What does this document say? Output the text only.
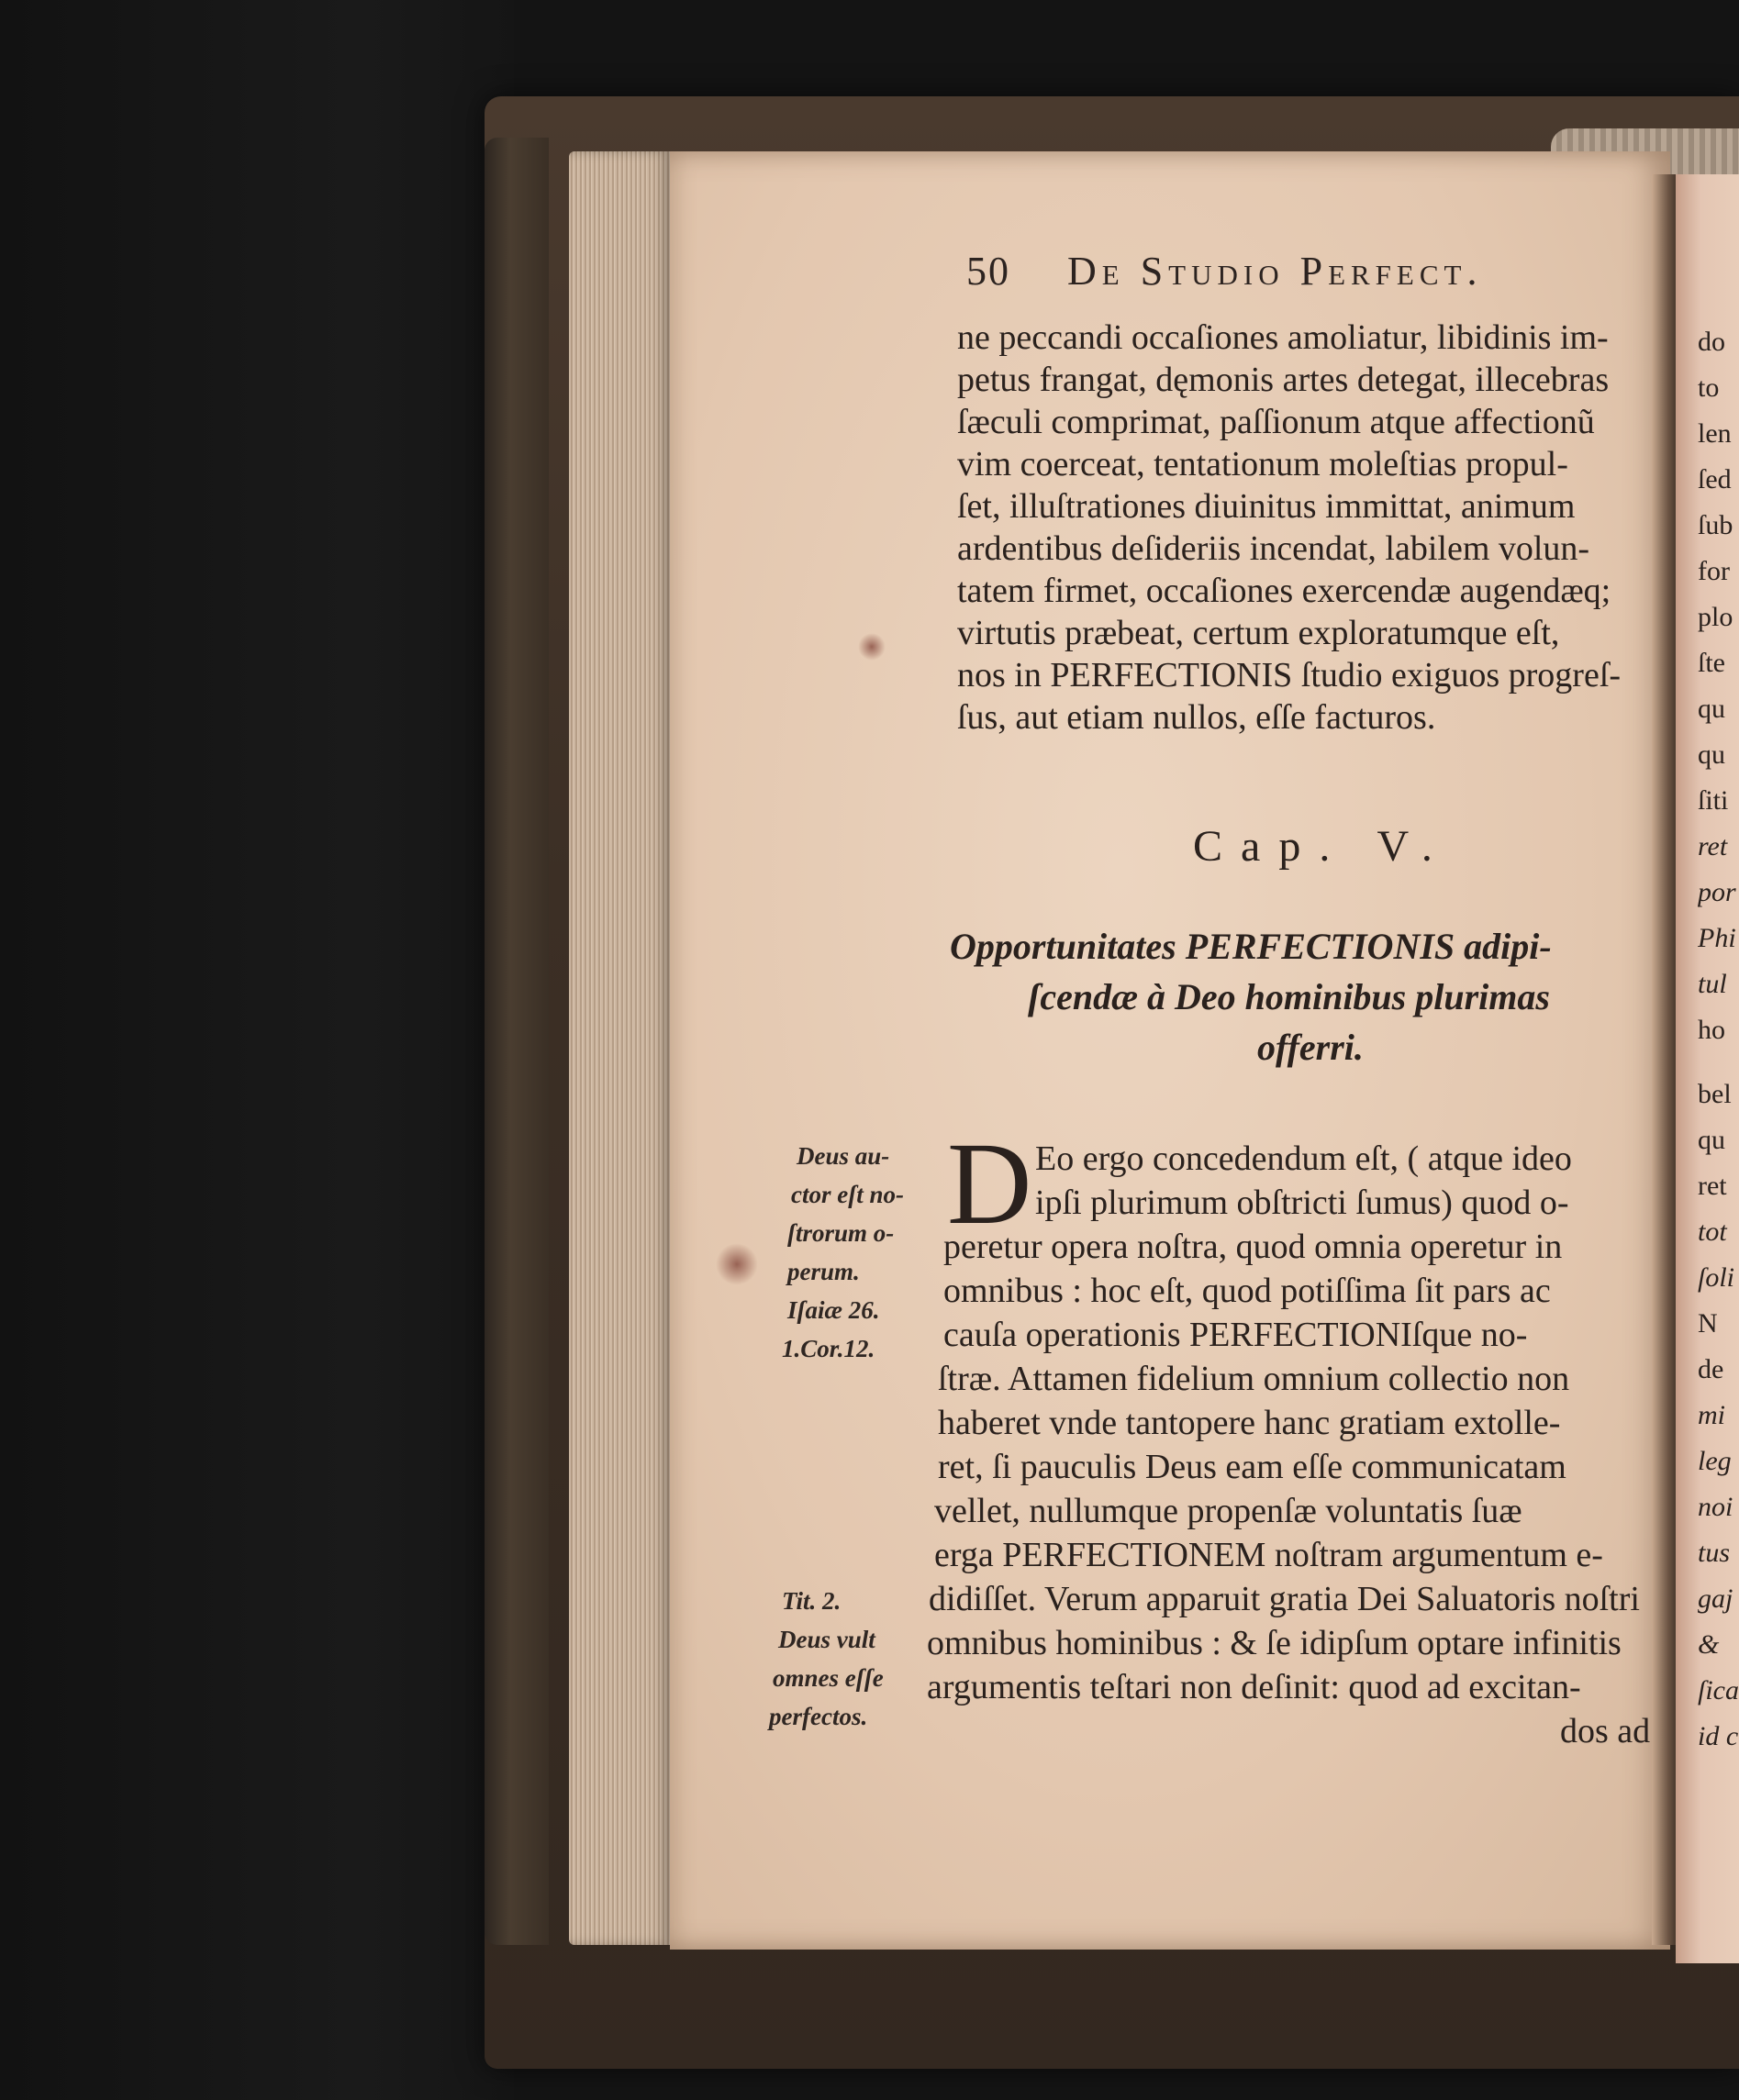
50 De Studio Perfect.
ne peccandi occaſiones amoliatur, libidinis im-
petus frangat, dęmonis artes detegat, illecebras
ſæculi comprimat, paſſionum atque affectionũ
vim coerceat, tentationum moleſtias propul-
ſet, illuſtrationes diuinitus immittat, animum
ardentibus deſideriis incendat, labilem volun-
tatem firmet, occaſiones exercendæ augendæq;
virtutis præbeat, certum exploratumque eſt,
nos in PERFECTIONIS ſtudio exiguos progreſ-
ſus, aut etiam nullos, eſſe facturos.
Cap. V.
Opportunitates PERFECTIONIS adipi-
ſcendæ à Deo hominibus plurimas
offerri.
D Eo ergo concedendum eſt, ( atque ideo
ipſi plurimum obſtricti ſumus) quod o-
peretur opera noſtra, quod omnia operetur in
omnibus : hoc eſt, quod potiſſima ſit pars ac
cauſa operationis PERFECTIONIſque no-
ſtræ. Attamen fidelium omnium collectio non
haberet vnde tantopere hanc gratiam extolle-
ret, ſi pauculis Deus eam eſſe communicatam
vellet, nullumque propenſæ voluntatis ſuæ
erga PERFECTIONEM noſtram argumentum e-
didiſſet. Verum apparuit gratia Dei Saluatoris noſtri
omnibus hominibus : & ſe idipſum optare infinitis
argumentis teſtari non deſinit: quod ad excitan-
dos ad
Deus au-
ctor eſt no-
ſtrorum o-
perum.
Iſaiæ 26.
1.Cor.12.
Tit. 2.
Deus vult
omnes eſſe
perfectos.
do
to
len
ſed
ſub
for
plo
ſte
qu
qu
ſiti
ret
por
Phi
tul
ho
bel
qu
ret
tot
ſoli
N
de
mi
leg
noi
tus
gaj
&
ſica
id c
